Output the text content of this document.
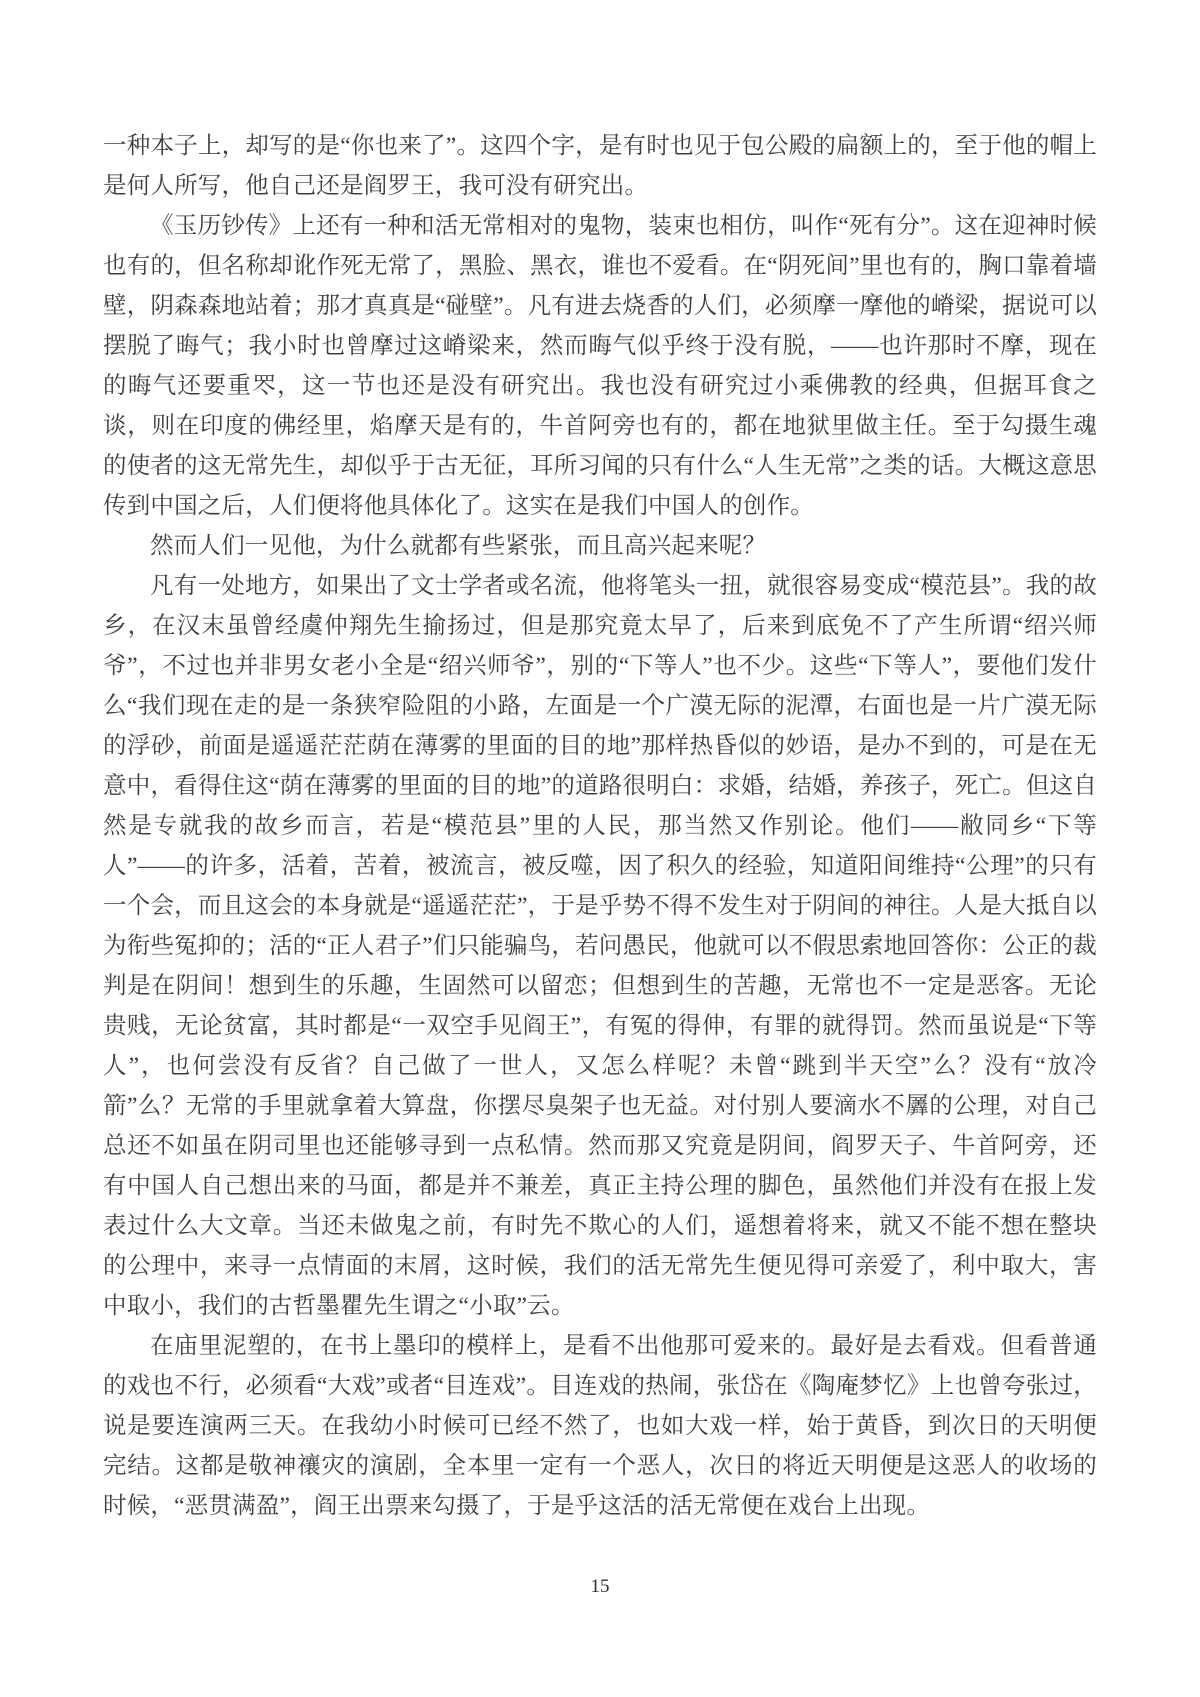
一种本子上，却写的是“你也来了”。这四个字，是有时也见于包公殿的扁额上的，至于他的帽上是何人所写，他自己还是阎罗王，我可没有研究出。

《玉历钞传》上还有一种和活无常相对的鬼物，装束也相仿，叫作“死有分”。这在迎神时候也有的，但名称却讹作死无常了，黑脸、黑衣，谁也不爱看。在“阴死间”里也有的，胸口靠着墙壁，阴森森地站着；那才真真是“碰壁”。凡有进去烧香的人们，必须摩一摩他的嵴梁，据说可以摆脱了晦气；我小时也曾摩过这嵴梁来，然而晦气似乎终于没有脱，——也许那时不摩，现在的晦气还要重罖，这一节也还是没有研究出。我也没有研究过小乘佛教的经典，但据耳食之谈，则在印度的佛经里，焰摩天是有的，牛首阿旁也有的，都在地狱里做主任。至于勾摄生魂的使者的这无常先生，却似乎于古无征，耳所习闻的只有什么“人生无常”之类的话。大概这意思传到中国之后，人们便将他具体化了。这实在是我们中国人的创作。

然而人们一见他，为什么就都有些紧张，而且高兴起来呢？

凡有一处地方，如果出了文士学者或名流，他将笔头一扭，就很容易变成“模范县”。我的故乡，在汉末虽曾经虞仲翔先生揄扬过，但是那究竟太早了，后来到底免不了产生所谓“绍兴师爷”，不过也并非男女老小全是“绍兴师爷”，别的“下等人”也不少。这些“下等人”，要他们发什么“我们现在走的是一条狭窄险阻的小路，左面是一个广漠无际的泥潭，右面也是一片广漠无际的浮砂，前面是遥遥茫茫荫在薄雾的里面的目的地”那样热昏似的妙语，是办不到的，可是在无意中，看得住这“荫在薄雾的里面的目的地”的道路很明白：求婚，结婚，养孩子，死亡。但这自然是专就我的故乡而言，若是“模范县”里的人民，那当然又作别论。他们——敝同乡“下等人”——的许多，活着，苦着，被流言，被反噬，因了积久的经验，知道阳间维持“公理”的只有一个会，而且这会的本身就是“遥遥茫茫”，于是乎势不得不发生对于阴间的神往。人是大抵自以为衔些冤抑的；活的“正人君子”们只能骗鸟，若问愚民，他就可以不假思索地回答你：公正的裁判是在阴间！想到生的乐趣，生固然可以留恋；但想到生的苦趣，无常也不一定是恶客。无论贵贱，无论贫富，其时都是“一双空手见阎王”，有冤的得伸，有罪的就得罚。然而虽说是“下等人”，也何尝没有反省？自己做了一世人，又怎么样呢？未曾“跳到半天空”么？没有“放冷箭”么？无常的手里就拿着大算盘，你摆尽臭架子也无益。对付别人要滴水不羼的公理，对自己总还不如虽在阴司里也还能够寻到一点私情。然而那又究竟是阴间，阎罗天子、牛首阿旁，还有中国人自己想出来的马面，都是并不兼差，真正主持公理的脚色，虽然他们并没有在报上发表过什么大文章。当还未做鬼之前，有时先不欺心的人们，遥想着将来，就又不能不想在整块的公理中，来寻一点情面的末屑，这时候，我们的活无常先生便见得可亲爱了，利中取大，害中取小，我们的古哲墨瞿先生谓之“小取”云。

在庙里泥塑的，在书上墨印的模样上，是看不出他那可爱来的。最好是去看戏。但看普通的戏也不行，必须看“大戏”或者“目连戏”。目连戏的热闹，张岱在《陶庵梦忆》上也曾夸张过，说是要连演两三天。在我幼小时候可已经不然了，也如大戏一样，始于黄昏，到次日的天明便完结。这都是敬神禳灾的演剧，全本里一定有一个恶人，次日的将近天明便是这恶人的收场的时候，“恶贯满盈”，阎王出票来勾摄了，于是乎这活的活无常便在戏台上出现。

15
